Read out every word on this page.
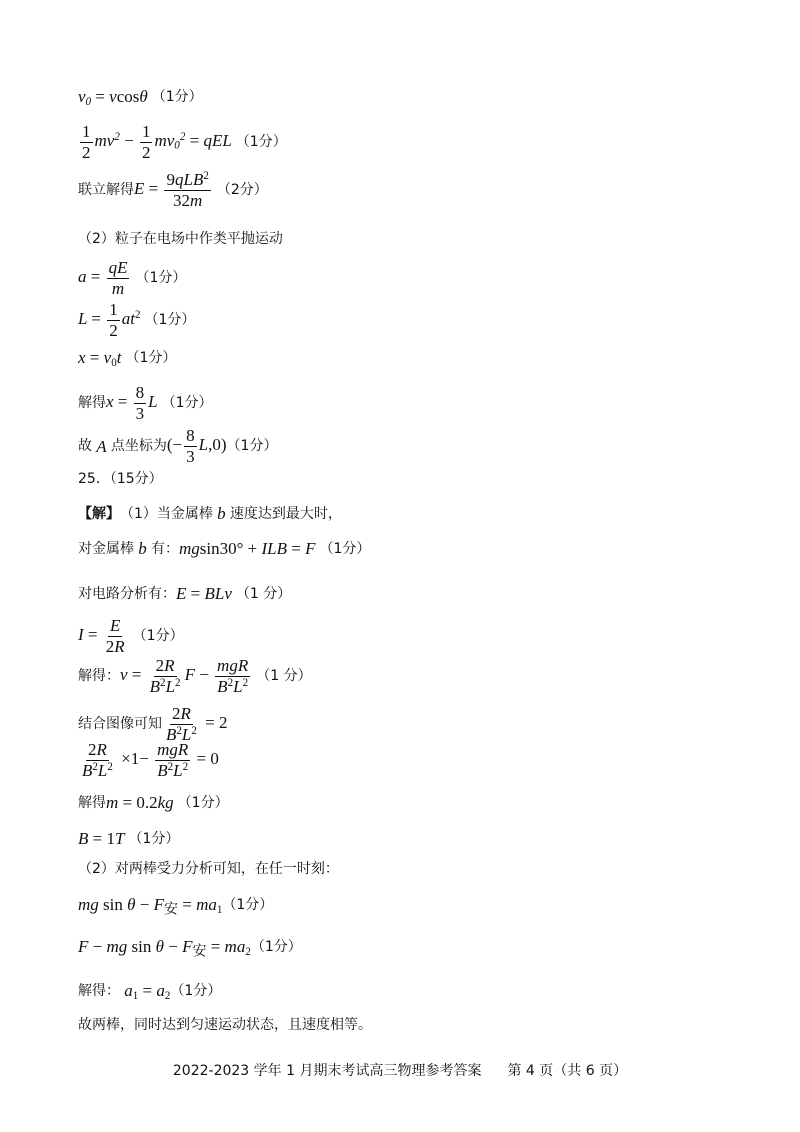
$v_0 = vcos\theta$ （1分）
$\frac{1}{2} mv^2 - \frac{1}{2} mv_0^2$ = qEL （1分）
联立解得 $E = \frac{9qLB^2}{32m} (2$分）
（2）粒子在电场中作类平抛运动
$a = \frac{qE}{m} (1$分）
$L = \frac{1}{2} at^2$ （1分）
$x = v_0t$ （1分）
解得 $x = \frac{8}{3}$ L （1分）
故 A 点坐标为 (− $\frac{8}{3} L,0$) （1分）
25．（15分）
【解】 （1）当金属棒 b 速度达到最大时，
对金属棒 b 有： mgsin30° + ILB = F （1分）
对电路分析有： E = BLv （1 分）
$I = \frac{E}{2R} (1$分）
解得： $v = \frac{2R}{B^2L^2}$ $F - \frac{\text{mgR}}{B^2L^2} (1$ 分）
结合图像可知 $\frac{2R}{B^2L^2} = 2$
$\frac{2R}{B^2L^2} \times 1- \frac{\text{mgR}}{B^2L^2} = 0$
解得 m = 0.2kg （1分）
B = 1T （1分）
（2）对两棒受力分析可知，在任一时刻：
mg $\sin \theta - F_安 = ma_1$ （1分）
F − mg $\sin \theta - F_安 = ma_2$ （1分）
解得： $a_1 = a_2$ （1分）
故两棒，同时达到匀速运动状态，且速度相等。
2022-2023 学年 1 月期末考试高三物理参考答案 第 4 页（共 6 页）
